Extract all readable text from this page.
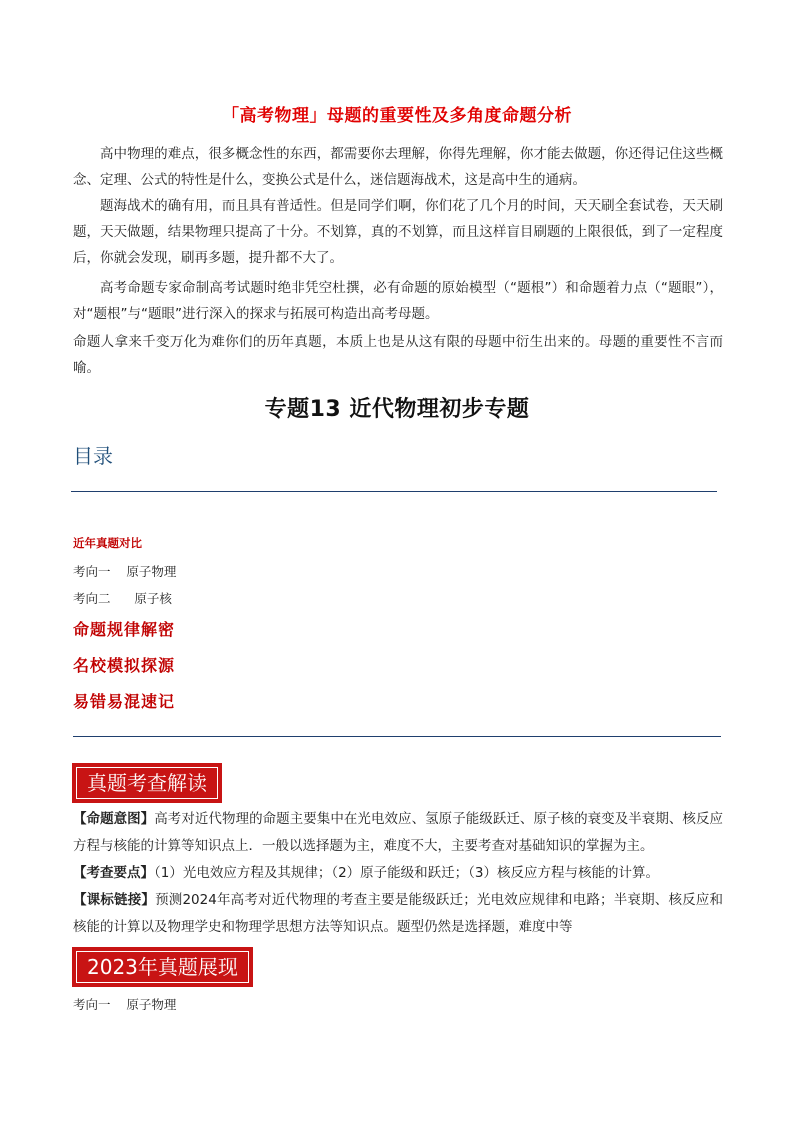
「高考物理」母题的重要性及多角度命题分析

高中物理的难点，很多概念性的东西，都需要你去理解，你得先理解，你才能去做题，你还得记住这些概念、定理、公式的特性是什么，变换公式是什么，迷信题海战术，这是高中生的通病。

题海战术的确有用，而且具有普适性。但是同学们啊，你们花了几个月的时间，天天刷全套试卷，天天刷题，天天做题，结果物理只提高了十分。不划算，真的不划算，而且这样盲目刷题的上限很低，到了一定程度后，你就会发现，刷再多题，提升都不大了。

高考命题专家命制高考试题时绝非凭空杜撰，必有命题的原始模型（“题根”）和命题着力点（“题眼”），对“题根”与“题眼”进行深入的探求与拓展可构造出高考母题。

命题人拿来千变万化为难你们的历年真题，本质上也是从这有限的母题中衍生出来的。母题的重要性不言而喻。

专题13 近代物理初步专题
目录
近年真题对比
考向一    原子物理
考向二      原子核
命题规律解密
名校模拟探源
易错易混速记
真题考查解读

【命题意图】高考对近代物理的命题主要集中在光电效应、氢原子能级跃迁、原子核的衰变及半衰期、核反应方程与核能的计算等知识点上．一般以选择题为主，难度不大，主要考查对基础知识的掌握为主。

【考查要点】（1）光电效应方程及其规律；（2）原子能级和跃迁；（3）核反应方程与核能的计算。

【课标链接】预测2024年高考对近代物理的考查主要是能级跃迁；光电效应规律和电路；半衰期、核反应和核能的计算以及物理学史和物理学思想方法等知识点。题型仍然是选择题，难度中等

2023年真题展现
考向一    原子物理
